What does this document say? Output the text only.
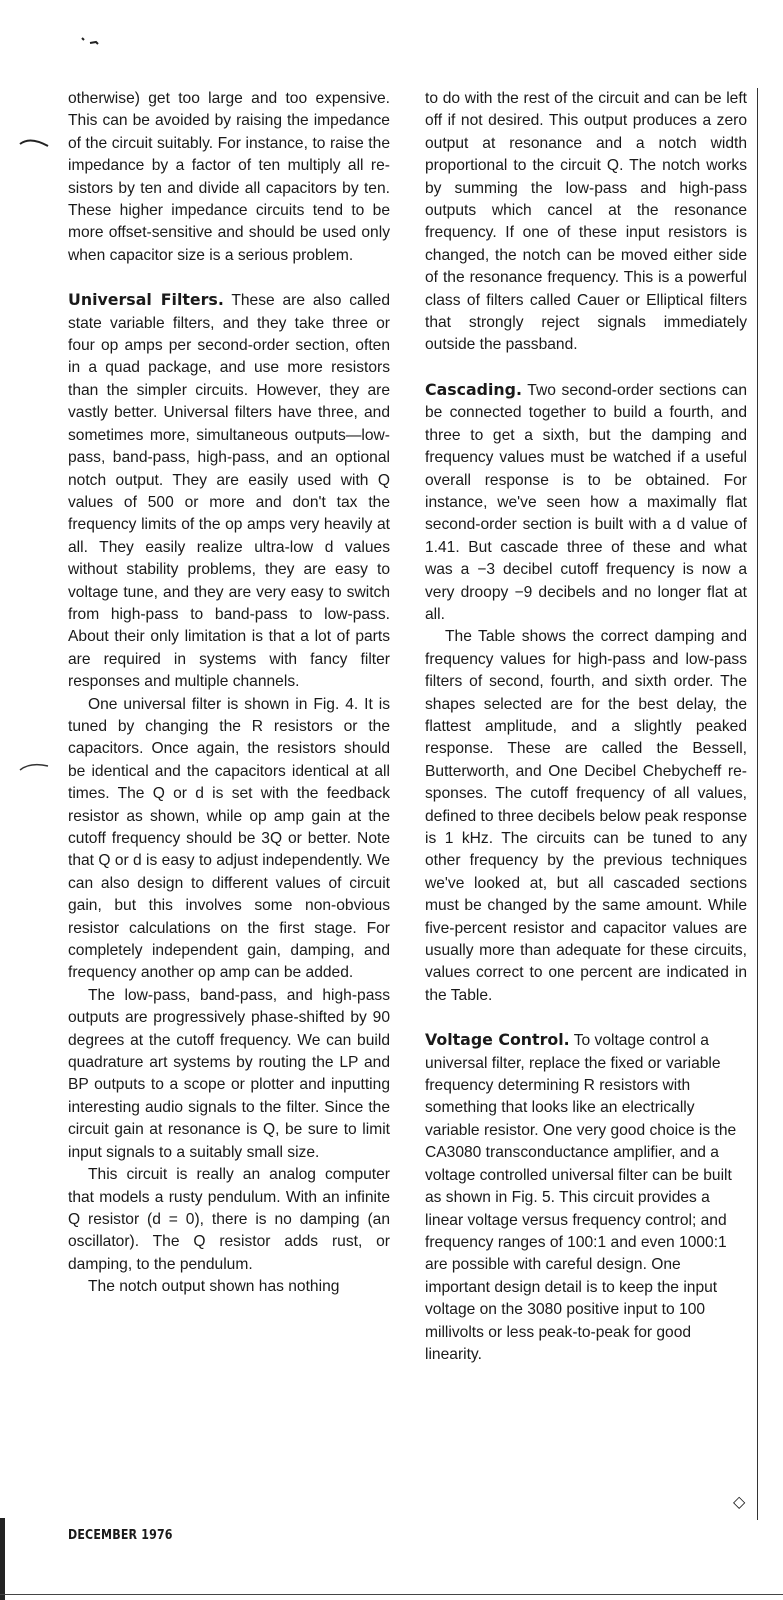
otherwise) get too large and too expensive. This can be avoided by raising the impedance of the circuit suitably. For instance, to raise the impedance by a factor of ten multiply all resistors by ten and divide all capacitors by ten. These higher impedance circuits tend to be more offset-sensitive and should be used only when capacitor size is a serious problem.

Universal Filters. These are also called state variable filters, and they take three or four op amps per second-order section, often in a quad package, and use more resistors than the simpler circuits. However, they are vastly better. Universal filters have three, and sometimes more, simultaneous outputs—low-pass, band-pass, high-pass, and an optional notch output. They are easily used with Q values of 500 or more and don't tax the frequency limits of the op amps very heavily at all. They easily realize ultra-low d values without stability problems, they are easy to voltage tune, and they are very easy to switch from high-pass to band-pass to low-pass. About their only limitation is that a lot of parts are required in systems with fancy filter responses and multiple channels.

One universal filter is shown in Fig. 4. It is tuned by changing the R resistors or the capacitors. Once again, the resistors should be identical and the capacitors identical at all times. The Q or d is set with the feedback resistor as shown, while op amp gain at the cutoff frequency should be 3Q or better. Note that Q or d is easy to adjust independently. We can also design to different values of circuit gain, but this involves some non-obvious resistor calculations on the first stage. For completely independent gain, damping, and frequency another op amp can be added.

The low-pass, band-pass, and high-pass outputs are progressively phase-shifted by 90 degrees at the cutoff frequency. We can build quadrature art systems by routing the LP and BP outputs to a scope or plotter and inputting interesting audio signals to the filter. Since the circuit gain at resonance is Q, be sure to limit input signals to a suitably small size.

This circuit is really an analog computer that models a rusty pendulum. With an infinite Q resistor (d = 0), there is no damping (an oscillator). The Q resistor adds rust, or damping, to the pendulum.

The notch output shown has nothing

to do with the rest of the circuit and can be left off if not desired. This output produces a zero output at resonance and a notch width proportional to the circuit Q. The notch works by summing the low-pass and high-pass outputs which cancel at the resonance frequency. If one of these input resistors is changed, the notch can be moved either side of the resonance frequency. This is a powerful class of filters called Cauer or Elliptical filters that strongly reject signals immediately outside the passband.

Cascading. Two second-order sections can be connected together to build a fourth, and three to get a sixth, but the damping and frequency values must be watched if a useful overall response is to be obtained. For instance, we've seen how a maximally flat second-order section is built with a d value of 1.41. But cascade three of these and what was a −3 decibel cutoff frequency is now a very droopy −9 decibels and no longer flat at all.

The Table shows the correct damping and frequency values for high-pass and low-pass filters of second, fourth, and sixth order. The shapes selected are for the best delay, the flattest amplitude, and a slightly peaked response. These are called the Bessell, Butterworth, and One Decibel Chebycheff responses. The cutoff frequency of all values, defined to three decibels below peak response is 1 kHz. The circuits can be tuned to any other frequency by the previous techniques we've looked at, but all cascaded sections must be changed by the same amount. While five-percent resistor and capacitor values are usually more than adequate for these circuits, values correct to one percent are indicated in the Table.

Voltage Control. To voltage control a universal filter, replace the fixed or variable frequency determining R resistors with something that looks like an electrically variable resistor. One very good choice is the CA3080 transconductance amplifier, and a voltage controlled universal filter can be built as shown in Fig. 5. This circuit provides a linear voltage versus frequency control; and frequency ranges of 100:1 and even 1000:1 are possible with careful design. One important design detail is to keep the input voltage on the 3080 positive input to 100 millivolts or less peak-to-peak for good linearity.

◇
DECEMBER 1976
